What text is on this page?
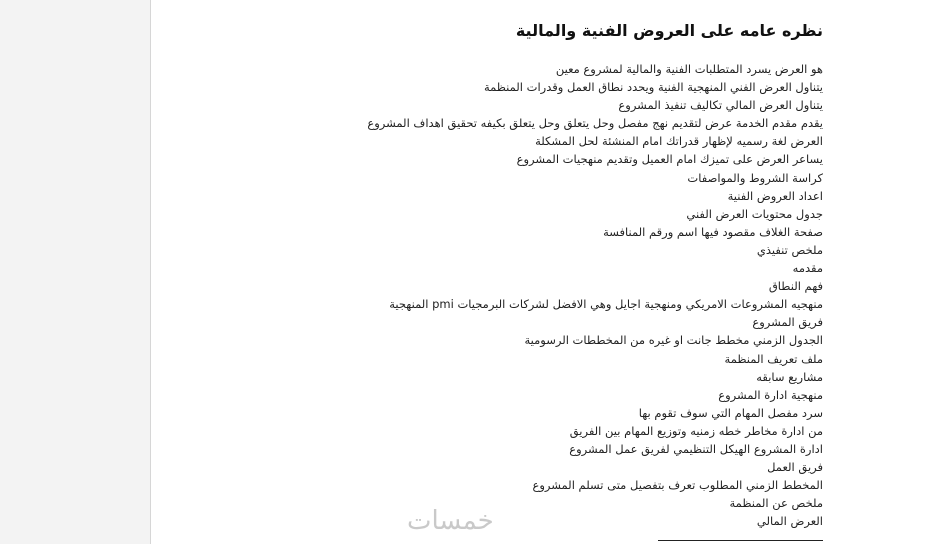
نظره عامه على العروض الفنية والمالية
هو العرض يسرد المتطلبات الفنية والمالية لمشروع معين
يتناول العرض الفني المنهجية الفنية ويحدد نطاق العمل وقدرات المنظمة
يتناول العرض المالي تكاليف تنفيذ المشروع
يقدم مقدم الخدمة عرض لتقديم نهج مفصل وحل يتعلق وحل يتعلق بكيفه تحقيق اهداف المشروع
العرض لغة رسميه لإظهار قدراتك امام المنشئة لحل المشكلة
يساعر العرض على تميزك امام العميل وتقديم منهجيات المشروع
كراسة الشروط والمواصفات
اعداد العروض الفنية
جدول محتويات العرض الفني
صفحة الغلاف مقصود فيها اسم ورقم المنافسة
ملخص تنفيذي
مقدمه
فهم النطاق
منهجيه المشروعات الامريكي ومنهجية اجايل وهي الافضل لشركات البرمجيات pmi المنهجية
فريق المشروع
الجدول الزمني مخطط جانت او غيره من المخططات الرسومية
ملف تعريف المنظمة
مشاريع سابقه
منهجية ادارة المشروع
سرد مفصل المهام التي سوف تقوم بها
من ادارة مخاطر خطه زمنيه وتوزيع المهام بين الفريق
ادارة المشروع الهيكل التنظيمي لفريق عمل المشروع
فريق العمل
المخطط الزمني المطلوب تعرف بتفصيل متى تسلم المشروع
ملخص عن المنظمة
العرض المالي
خمسات
